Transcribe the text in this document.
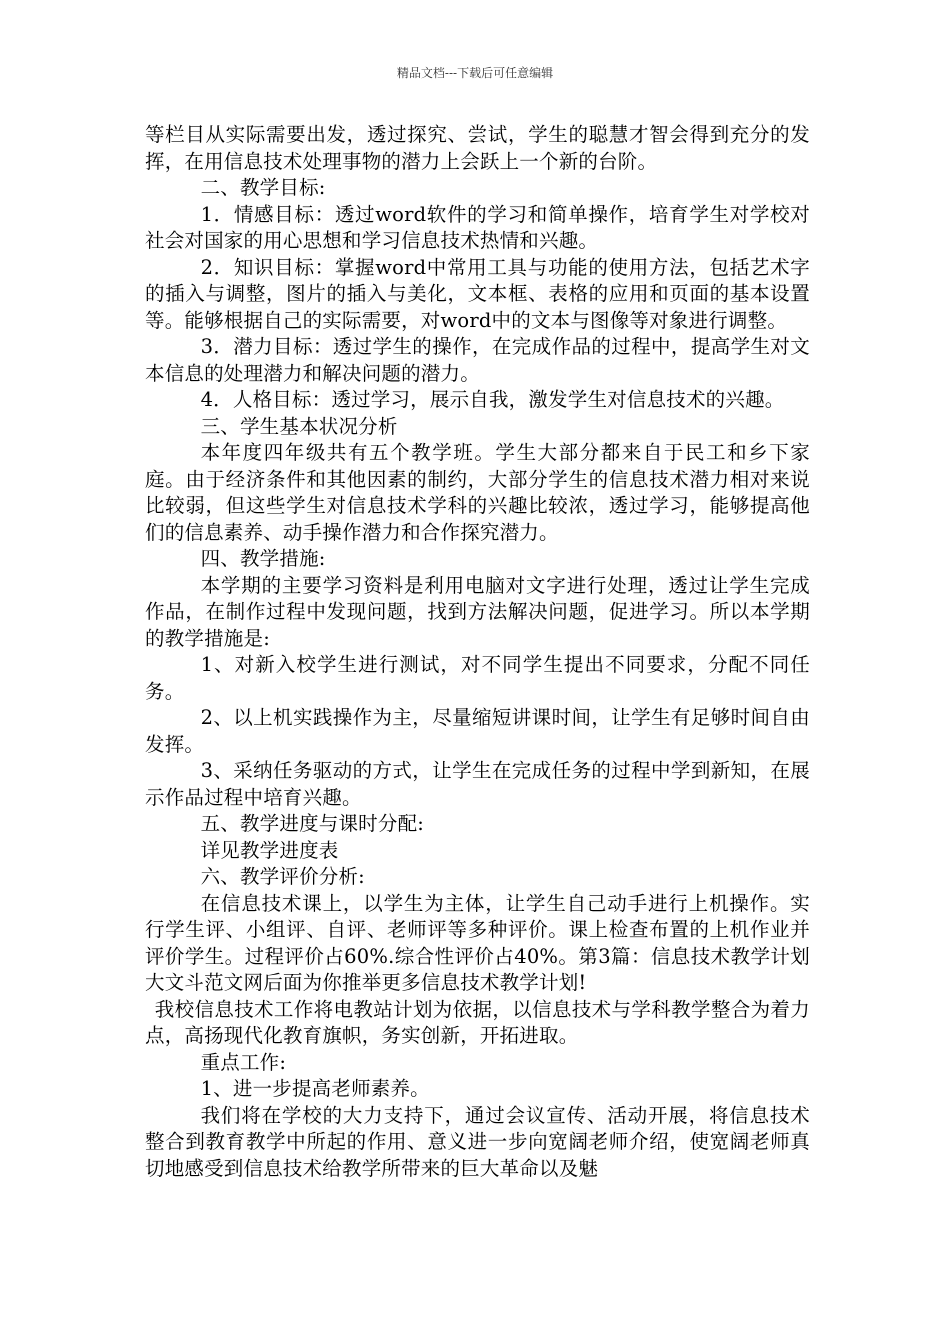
精品文档---下载后可任意编辑

等栏目从实际需要出发，透过探究、尝试，学生的聪慧才智会得到充分的发挥，在用信息技术处理事物的潜力上会跃上一个新的台阶。

二、教学目标:

1．情感目标：透过word软件的学习和简单操作，培育学生对学校对社会对国家的用心思想和学习信息技术热情和兴趣。

2．知识目标：掌握word中常用工具与功能的使用方法，包括艺术字的插入与调整，图片的插入与美化，文本框、表格的应用和页面的基本设置等。能够根据自己的实际需要，对word中的文本与图像等对象进行调整。

3．潜力目标：透过学生的操作，在完成作品的过程中，提高学生对文本信息的处理潜力和解决问题的潜力。

4．人格目标：透过学习，展示自我，激发学生对信息技术的兴趣。

三、学生基本状况分析

本年度四年级共有五个教学班。学生大部分都来自于民工和乡下家庭。由于经济条件和其他因素的制约，大部分学生的信息技术潜力相对来说比较弱，但这些学生对信息技术学科的兴趣比较浓，透过学习，能够提高他们的信息素养、动手操作潜力和合作探究潜力。

四、教学措施:

本学期的主要学习资料是利用电脑对文字进行处理，透过让学生完成作品，在制作过程中发现问题，找到方法解决问题，促进学习。所以本学期的教学措施是:

1、对新入校学生进行测试，对不同学生提出不同要求，分配不同任务。

2、以上机实践操作为主，尽量缩短讲课时间，让学生有足够时间自由发挥。

3、采纳任务驱动的方式，让学生在完成任务的过程中学到新知，在展示作品过程中培育兴趣。

五、教学进度与课时分配:

详见教学进度表

六、教学评价分析:

在信息技术课上，以学生为主体，让学生自己动手进行上机操作。实行学生评、小组评、自评、老师评等多种评价。课上检查布置的上机作业并评价学生。过程评价占60%.综合性评价占40%。第3篇：信息技术教学计划大文斗范文网后面为你推举更多信息技术教学计划!

我校信息技术工作将电教站计划为依据，以信息技术与学科教学整合为着力点，高扬现代化教育旗帜，务实创新，开拓进取。

重点工作:

1、进一步提高老师素养。

我们将在学校的大力支持下，通过会议宣传、活动开展，将信息技术整合到教育教学中所起的作用、意义进一步向宽阔老师介绍，使宽阔老师真切地感受到信息技术给教学所带来的巨大革命以及魅
